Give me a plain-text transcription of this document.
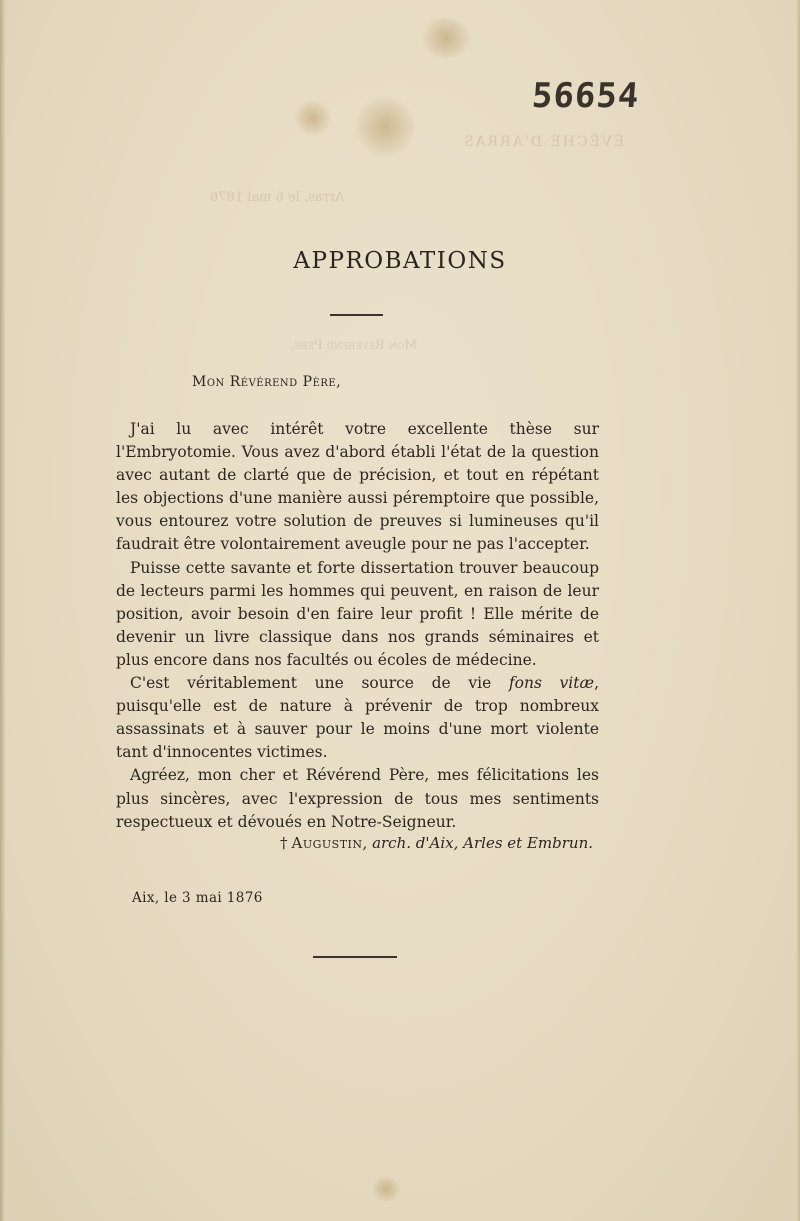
ÉVÊCHÉ D'ARRAS
Arras, le 6 mai 1876
Mon Révérend Père,
56654
APPROBATIONS
Mon Révérend Père,

J'ai lu avec intérêt votre excellente thèse sur l'Embryotomie. Vous avez d'abord établi l'état de la question avec autant de clarté que de précision, et tout en répétant les objections d'une manière aussi péremptoire que possible, vous entourez votre solution de preuves si lumineuses qu'il faudrait être volontairement aveugle pour ne pas l'accepter.

Puisse cette savante et forte dissertation trouver beaucoup de lecteurs parmi les hommes qui peuvent, en raison de leur position, avoir besoin d'en faire leur profit ! Elle mérite de devenir un livre classique dans nos grands séminaires et plus encore dans nos facultés ou écoles de médecine.

C'est véritablement une source de vie fons vitæ, puisqu'elle est de nature à prévenir de trop nombreux assassinats et à sauver pour le moins d'une mort violente tant d'innocentes victimes.

Agréez, mon cher et Révérend Père, mes félicitations les plus sincères, avec l'expression de tous mes sentiments respectueux et dévoués en Notre-Seigneur.

† Augustin, arch. d'Aix, Arles et Embrun.
Aix, le 3 mai 1876
